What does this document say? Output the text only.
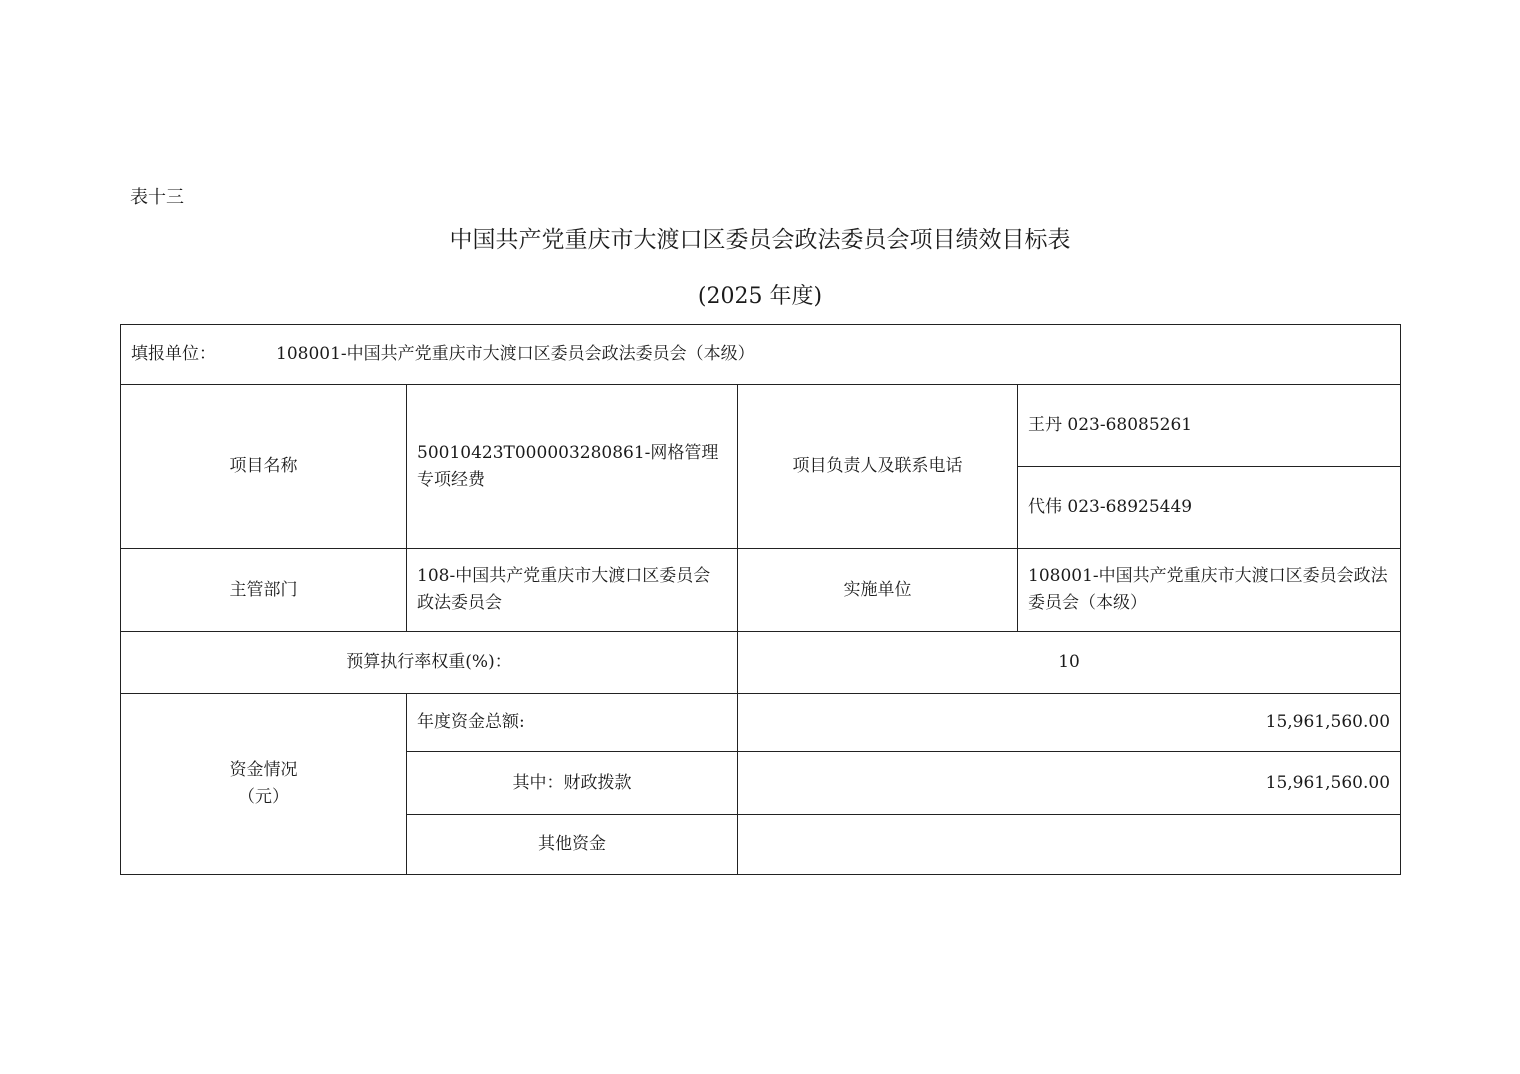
表十三
中国共产党重庆市大渡口区委员会政法委员会项目绩效目标表
(2025 年度)
填报单位： 108001-中国共产党重庆市大渡口区委员会政法委员会（本级）			
项目名称	50010423T000003280861-网格管理专项经费	项目负责人及联系电话	王丹 023-68085261
			代伟 023-68925449
主管部门	108-中国共产党重庆市大渡口区委员会政法委员会	实施单位	108001-中国共产党重庆市大渡口区委员会政法委员会（本级）
预算执行率权重(%)：		10	

资金情况
（元）	年度资金总额:	15,961,560.00	
	其中：财政拨款	15,961,560.00	
	其他资金		
